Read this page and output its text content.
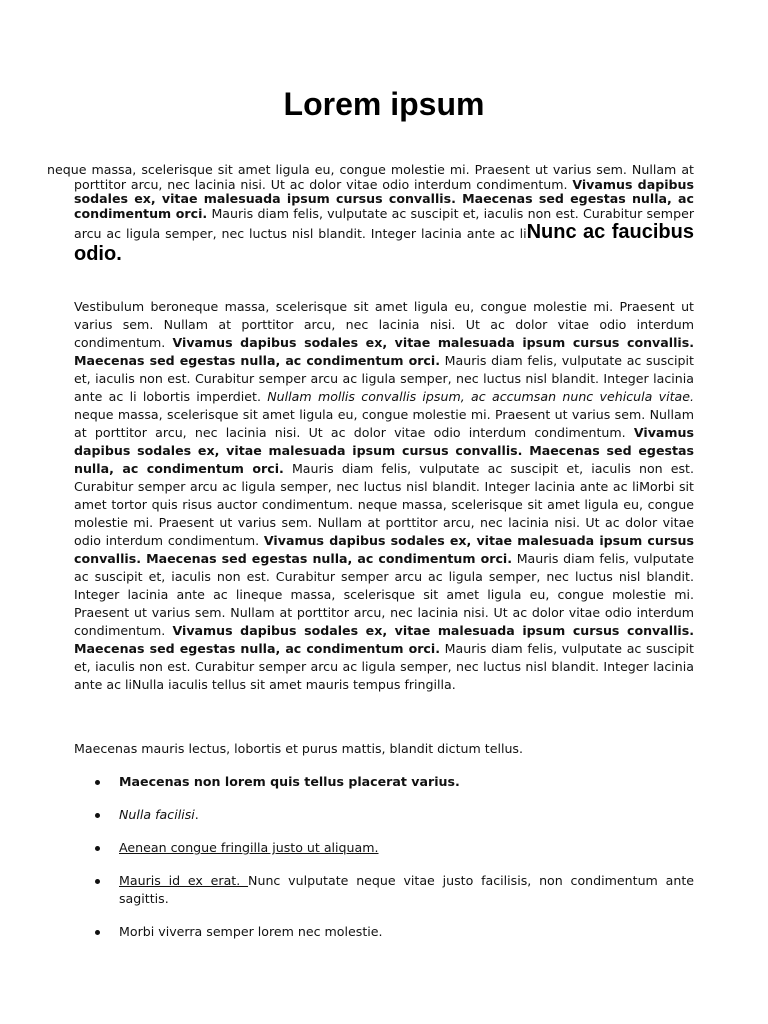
Lorem ipsum

neque massa, scelerisque sit amet ligula eu, congue molestie mi. Praesent ut varius sem. Nullam at porttitor arcu, nec lacinia nisi. Ut ac dolor vitae odio interdum condimentum. Vivamus dapibus sodales ex, vitae malesuada ipsum cursus convallis. Maecenas sed egestas nulla, ac condimentum orci. Mauris diam felis, vulputate ac suscipit et, iaculis non est. Curabitur semper arcu ac ligula semper, nec luctus nisl blandit. Integer lacinia ante ac liNunc ac faucibus odio.

Vestibulum beroneque massa, scelerisque sit amet ligula eu, congue molestie mi. Praesent ut varius sem. Nullam at porttitor arcu, nec lacinia nisi. Ut ac dolor vitae odio interdum condimentum. Vivamus dapibus sodales ex, vitae malesuada ipsum cursus convallis. Maecenas sed egestas nulla, ac condimentum orci. Mauris diam felis, vulputate ac suscipit et, iaculis non est. Curabitur semper arcu ac ligula semper, nec luctus nisl blandit. Integer lacinia ante ac li lobortis imperdiet. Nullam mollis convallis ipsum, ac accumsan nunc vehicula vitae. neque massa, scelerisque sit amet ligula eu, congue molestie mi. Praesent ut varius sem. Nullam at porttitor arcu, nec lacinia nisi. Ut ac dolor vitae odio interdum condimentum. Vivamus dapibus sodales ex, vitae malesuada ipsum cursus convallis. Maecenas sed egestas nulla, ac condimentum orci. Mauris diam felis, vulputate ac suscipit et, iaculis non est. Curabitur semper arcu ac ligula semper, nec luctus nisl blandit. Integer lacinia ante ac liMorbi sit amet tortor quis risus auctor condimentum. neque massa, scelerisque sit amet ligula eu, congue molestie mi. Praesent ut varius sem. Nullam at porttitor arcu, nec lacinia nisi. Ut ac dolor vitae odio interdum condimentum. Vivamus dapibus sodales ex, vitae malesuada ipsum cursus convallis. Maecenas sed egestas nulla, ac condimentum orci. Mauris diam felis, vulputate ac suscipit et, iaculis non est. Curabitur semper arcu ac ligula semper, nec luctus nisl blandit. Integer lacinia ante ac lineque massa, scelerisque sit amet ligula eu, congue molestie mi. Praesent ut varius sem. Nullam at porttitor arcu, nec lacinia nisi. Ut ac dolor vitae odio interdum condimentum. Vivamus dapibus sodales ex, vitae malesuada ipsum cursus convallis. Maecenas sed egestas nulla, ac condimentum orci. Mauris diam felis, vulputate ac suscipit et, iaculis non est. Curabitur semper arcu ac ligula semper, nec luctus nisl blandit. Integer lacinia ante ac liNulla iaculis tellus sit amet mauris tempus fringilla.

Maecenas mauris lectus, lobortis et purus mattis, blandit dictum tellus.

Maecenas non lorem quis tellus placerat varius.
Nulla facilisi.
Aenean congue fringilla justo ut aliquam.
Mauris id ex erat. Nunc vulputate neque vitae justo facilisis, non condimentum ante sagittis.
Morbi viverra semper lorem nec molestie.
